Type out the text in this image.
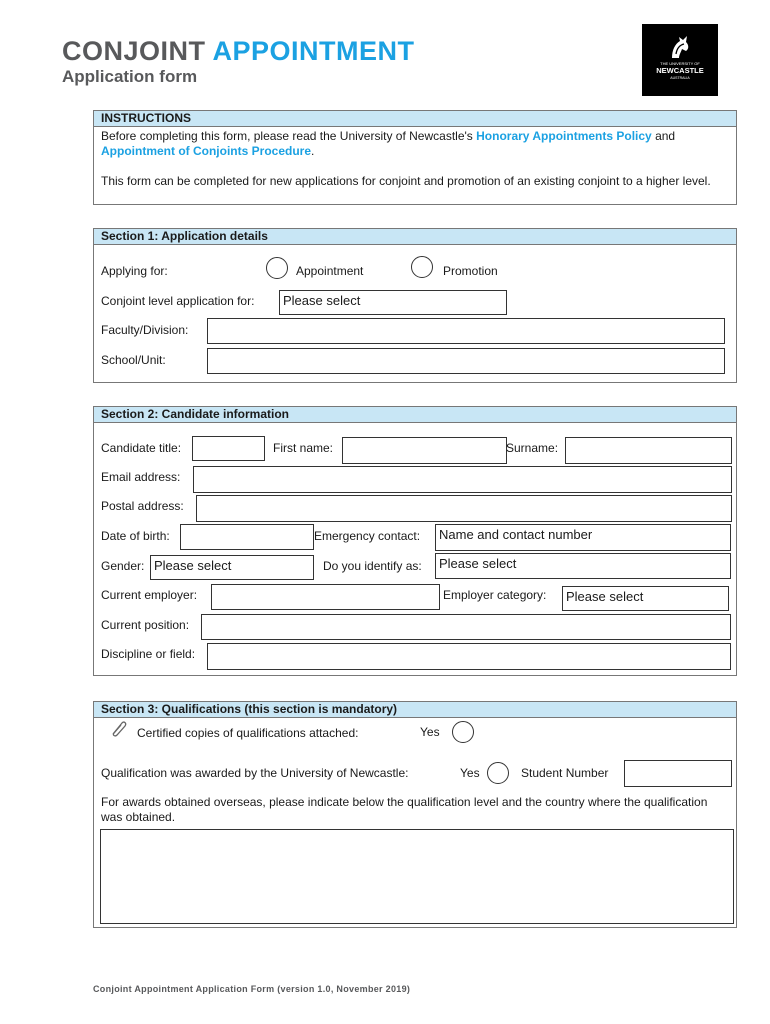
CONJOINT APPOINTMENT
Application form
THE UNIVERSITY OF
NEWCASTLE
AUSTRALIA
INSTRUCTIONS
Before completing this form, please read the University of Newcastle's Honorary Appointments Policy and Appointment of Conjoints Procedure.
This form can be completed for new applications for conjoint and promotion of an existing conjoint to a higher level.
Section 1: Application details
Applying for:	Appointment	Promotion
Conjoint level application for:	Please select
Faculty/Division:
School/Unit:
Section 2: Candidate information
Candidate title:	First name:	Surname:
Email address:
Postal address:
Date of birth:	Emergency contact:	Name and contact number
Gender: Please select	Do you identify as:	Please select
Current employer:	Employer category:	Please select
Current position:
Discipline or field:
Section 3: Qualifications (this section is mandatory)
Certified copies of qualifications attached:	Yes
Qualification was awarded by the University of Newcastle:	Yes	Student Number
For awards obtained overseas, please indicate below the qualification level and the country where the qualification was obtained.
Conjoint Appointment Application Form (version 1.0, November 2019)
